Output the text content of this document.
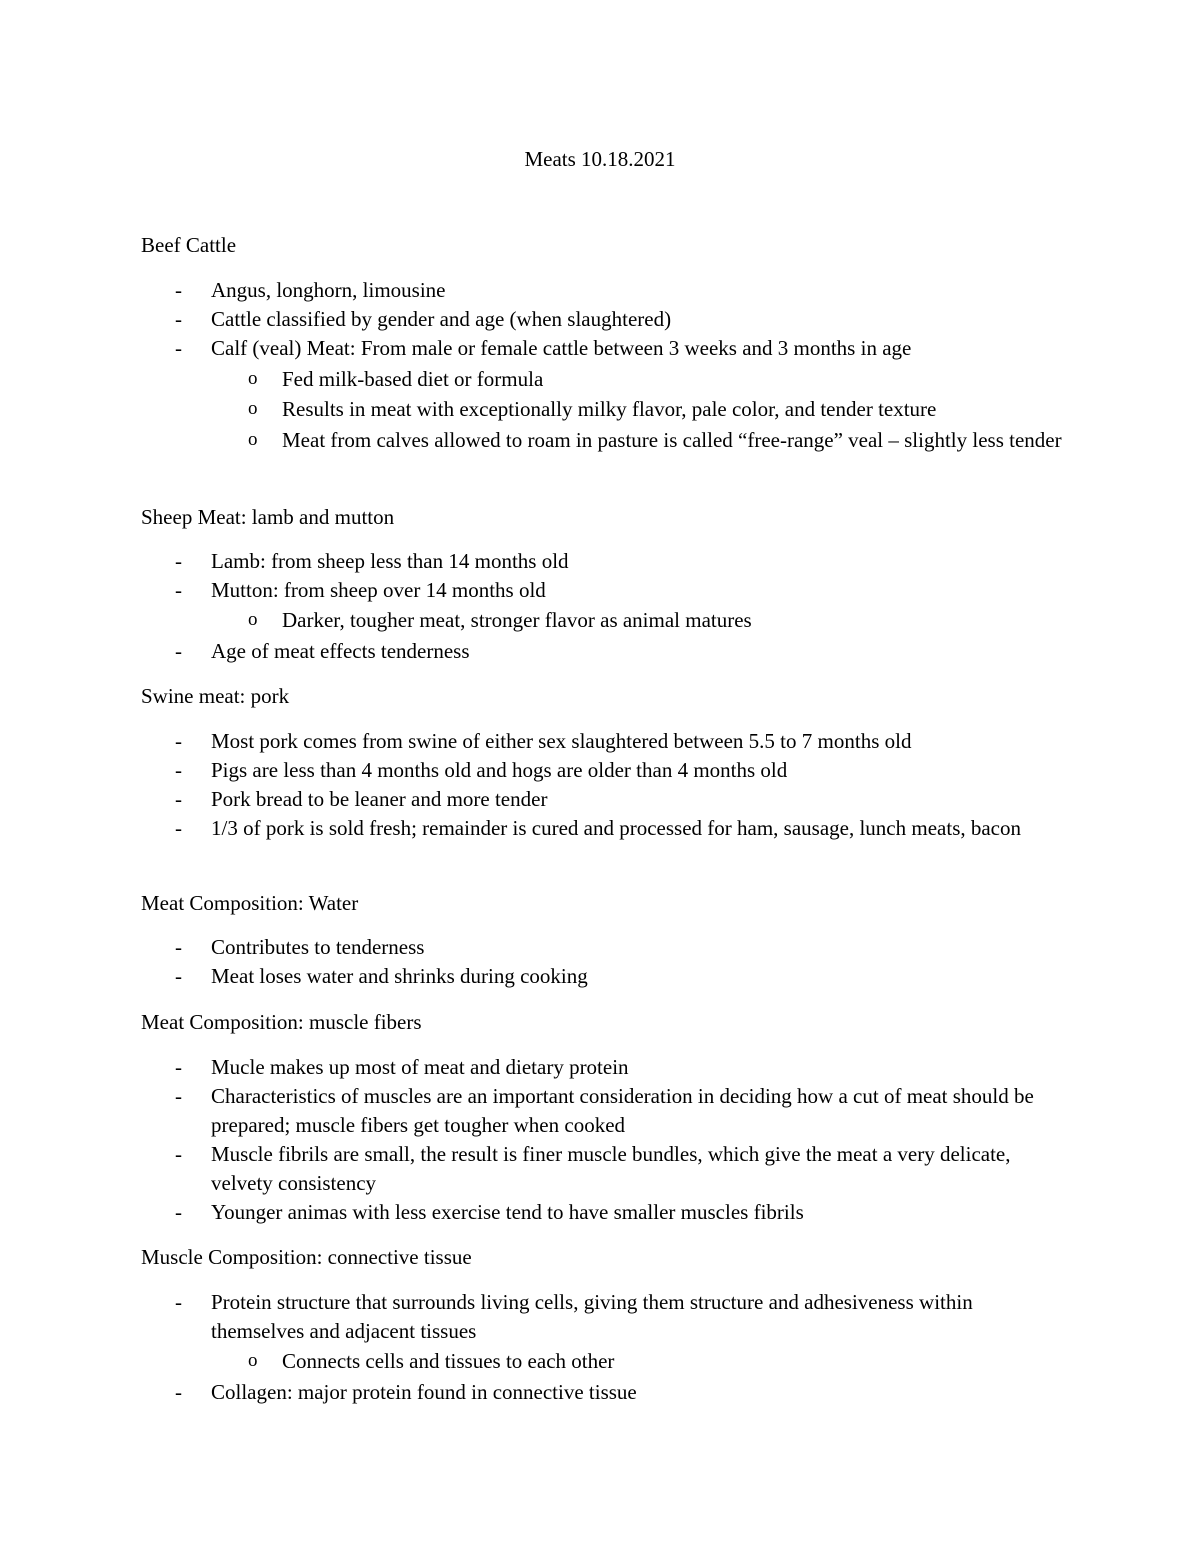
Meats 10.18.2021
Beef Cattle
- Angus, longhorn, limousine
- Cattle classified by gender and age (when slaughtered)
- Calf (veal) Meat: From male or female cattle between 3 weeks and 3 months in age
o Fed milk-based diet or formula
o Results in meat with exceptionally milky flavor, pale color, and tender texture
o Meat from calves allowed to roam in pasture is called “free-range” veal – slightly less tender
Sheep Meat: lamb and mutton
- Lamb: from sheep less than 14 months old
- Mutton: from sheep over 14 months old
o Darker, tougher meat, stronger flavor as animal matures
- Age of meat effects tenderness
Swine meat: pork
- Most pork comes from swine of either sex slaughtered between 5.5 to 7 months old
- Pigs are less than 4 months old and hogs are older than 4 months old
- Pork bread to be leaner and more tender
- 1/3 of pork is sold fresh; remainder is cured and processed for ham, sausage, lunch meats, bacon
Meat Composition: Water
- Contributes to tenderness
- Meat loses water and shrinks during cooking
Meat Composition: muscle fibers
- Mucle makes up most of meat and dietary protein
- Characteristics of muscles are an important consideration in deciding how a cut of meat should be prepared; muscle fibers get tougher when cooked
- Muscle fibrils are small, the result is finer muscle bundles, which give the meat a very delicate, velvety consistency
- Younger animas with less exercise tend to have smaller muscles fibrils
Muscle Composition: connective tissue
- Protein structure that surrounds living cells, giving them structure and adhesiveness within themselves and adjacent tissues
o Connects cells and tissues to each other
- Collagen: major protein found in connective tissue
